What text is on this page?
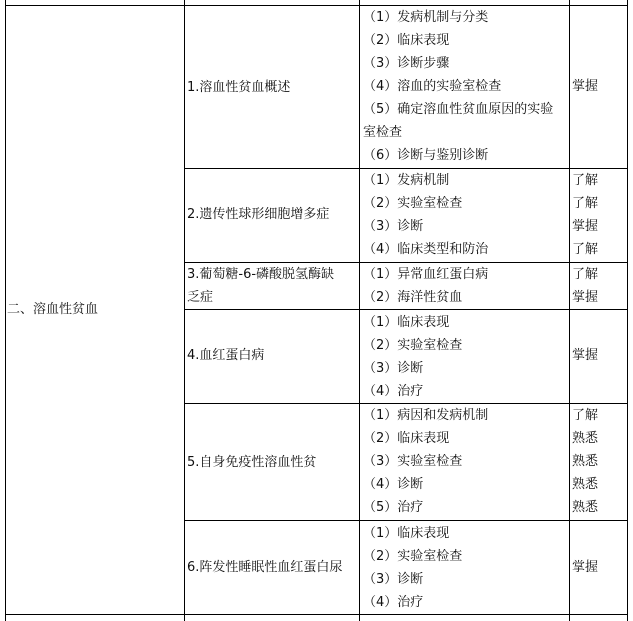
二、溶血性贫血
1.溶血性贫血概述
2.遗传性球形细胞增多症
3.葡萄糖-6-磷酸脱氢酶缺
乏症
4.血红蛋白病
5.自身免疫性溶血性贫
6.阵发性睡眠性血红蛋白尿
（1）发病机制与分类
（2）临床表现
（3）诊断步骤
（4）溶血的实验室检查
（5）确定溶血性贫血原因的实验
室检查
（6）诊断与鉴别诊断
掌握
（1）发病机制
（2）实验室检查
（3）诊断
（4）临床类型和防治
了解
了解
掌握
了解
（1）异常血红蛋白病
（2）海洋性贫血
了解
掌握
（1）临床表现
（2）实验室检查
（3）诊断
（4）治疗
掌握
（1）病因和发病机制
（2）临床表现
（3）实验室检查
（4）诊断
（5）治疗
了解
熟悉
熟悉
熟悉
熟悉
（1）临床表现
（2）实验室检查
（3）诊断
（4）治疗
掌握
